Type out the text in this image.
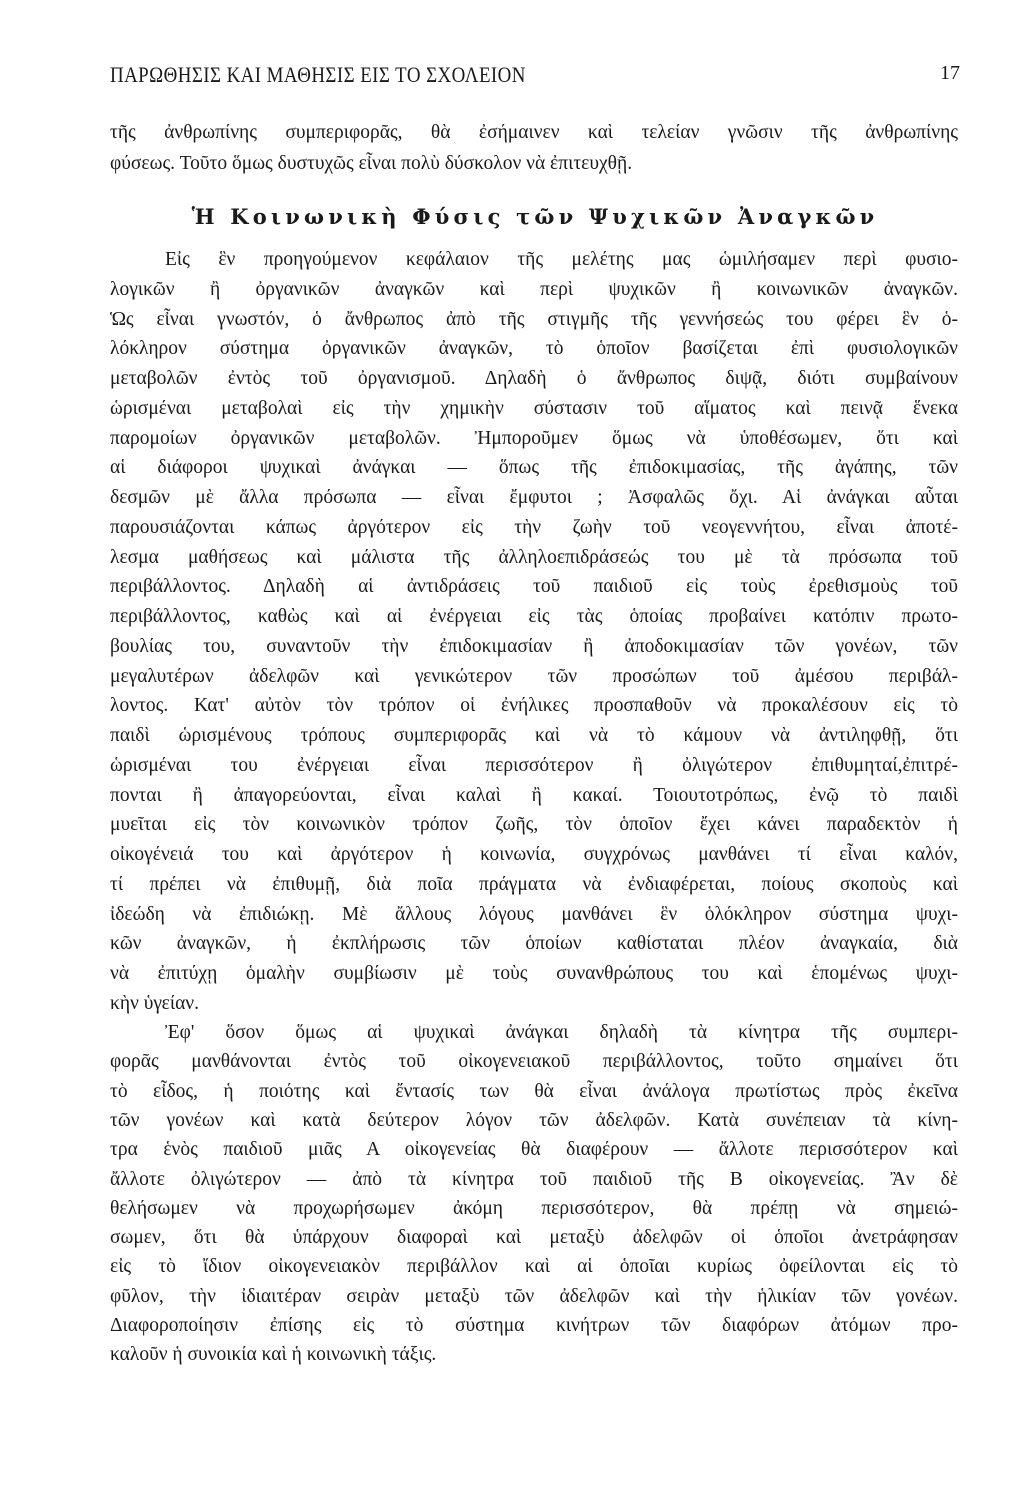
ΠΑΡΩΘΗΣΙΣ ΚΑΙ ΜΑΘΗΣΙΣ ΕΙΣ ΤΟ ΣΧΟΛΕΙΟΝ	17
τῆς ἀνθρωπίνης συμπεριφορᾶς, θὰ ἐσήμαινεν καὶ τελείαν γνῶσιν τῆς ἀνθρωπίνης
φύσεως. Τοῦτο ὅμως δυστυχῶς εἶναι πολὺ δύσκολον νὰ ἐπιτευχθῇ.
Ἡ Κοινωνικὴ Φύσις τῶν Ψυχικῶν Ἀναγκῶν
Εἰς ἓν προηγούμενον κεφάλαιον τῆς μελέτης μας ὡμιλήσαμεν περὶ φυσιο-
λογικῶν ἢ ὀργανικῶν ἀναγκῶν καὶ περὶ ψυχικῶν ἢ κοινωνικῶν ἀναγκῶν.
Ὡς εἶναι γνωστόν, ὁ ἄνθρωπος ἀπὸ τῆς στιγμῆς τῆς γεννήσεώς του φέρει ἓν ὁ-
λόκληρον σύστημα ὀργανικῶν ἀναγκῶν, τὸ ὁποῖον βασίζεται ἐπὶ φυσιολογικῶν
μεταβολῶν ἐντὸς τοῦ ὀργανισμοῦ. Δηλαδὴ ὁ ἄνθρωπος διψᾷ, διότι συμβαίνουν
ὡρισμέναι μεταβολαὶ εἰς τὴν χημικὴν σύστασιν τοῦ αἵματος καὶ πεινᾷ ἕνεκα
παρομοίων ὀργανικῶν μεταβολῶν. Ἠμποροῦμεν ὅμως νὰ ὑποθέσωμεν, ὅτι καὶ
αἱ διάφοροι ψυχικαὶ ἀνάγκαι — ὅπως τῆς ἐπιδοκιμασίας, τῆς ἀγάπης, τῶν
δεσμῶν μὲ ἄλλα πρόσωπα — εἶναι ἔμφυτοι ; Ἀσφαλῶς ὄχι. Αἱ ἀνάγκαι αὗται
παρουσιάζονται κάπως ἀργότερον εἰς τὴν ζωὴν τοῦ νεογεννήτου, εἶναι ἀποτέ-
λεσμα μαθήσεως καὶ μάλιστα τῆς ἀλληλοεπιδράσεώς του μὲ τὰ πρόσωπα τοῦ
περιβάλλοντος. Δηλαδὴ αἱ ἀντιδράσεις τοῦ παιδιοῦ εἰς τοὺς ἐρεθισμοὺς τοῦ
περιβάλλοντος, καθὼς καὶ αἱ ἐνέργειαι εἰς τὰς ὁποίας προβαίνει κατόπιν πρωτο-
βουλίας του, συναντοῦν τὴν ἐπιδοκιμασίαν ἢ ἀποδοκιμασίαν τῶν γονέων, τῶν
μεγαλυτέρων ἀδελφῶν καὶ γενικώτερον τῶν προσώπων τοῦ ἀμέσου περιβάλ-
λοντος. Κατ' αὐτὸν τὸν τρόπον οἱ ἐνήλικες προσπαθοῦν νὰ προκαλέσουν εἰς τὸ
παιδὶ ὡρισμένους τρόπους συμπεριφορᾶς καὶ νὰ τὸ κάμουν νὰ ἀντιληφθῇ, ὅτι
ὡρισμέναι του ἐνέργειαι εἶναι περισσότερον ἢ ὀλιγώτερον ἐπιθυμηταί,ἐπιτρέ-
πονται ἢ ἀπαγορεύονται, εἶναι καλαὶ ἢ κακαί. Τοιουτοτρόπως, ἐνῷ τὸ παιδὶ
μυεῖται εἰς τὸν κοινωνικὸν τρόπον ζωῆς, τὸν ὁποῖον ἔχει κάνει παραδεκτὸν ἡ
οἰκογένειά του καὶ ἀργότερον ἡ κοινωνία, συγχρόνως μανθάνει τί εἶναι καλόν,
τί πρέπει νὰ ἐπιθυμῇ, διὰ ποῖα πράγματα νὰ ἐνδιαφέρεται, ποίους σκοποὺς καὶ
ἰδεώδη νὰ ἐπιδιώκῃ. Μὲ ἄλλους λόγους μανθάνει ἓν ὁλόκληρον σύστημα ψυχι-
κῶν ἀναγκῶν, ἡ ἐκπλήρωσις τῶν ὁποίων καθίσταται πλέον ἀναγκαία, διὰ
νὰ ἐπιτύχῃ ὁμαλὴν συμβίωσιν μὲ τοὺς συνανθρώπους του καὶ ἑπομένως ψυχι-
κὴν ὑγείαν.
Ἐφ' ὅσον ὅμως αἱ ψυχικαὶ ἀνάγκαι δηλαδὴ τὰ κίνητρα τῆς συμπερι-
φορᾶς μανθάνονται ἐντὸς τοῦ οἰκογενειακοῦ περιβάλλοντος, τοῦτο σημαίνει ὅτι
τὸ εἶδος, ἡ ποιότης καὶ ἔντασίς των θὰ εἶναι ἀνάλογα πρωτίστως πρὸς ἐκεῖνα
τῶν γονέων καὶ κατὰ δεύτερον λόγον τῶν ἀδελφῶν. Κατὰ συνέπειαν τὰ κίνη-
τρα ἑνὸς παιδιοῦ μιᾶς Α οἰκογενείας θὰ διαφέρουν — ἄλλοτε περισσότερον καὶ
ἄλλοτε ὀλιγώτερον — ἀπὸ τὰ κίνητρα τοῦ παιδιοῦ τῆς Β οἰκογενείας. Ἂν δὲ
θελήσωμεν νὰ προχωρήσωμεν ἀκόμη περισσότερον, θὰ πρέπῃ νὰ σημειώ-
σωμεν, ὅτι θὰ ὑπάρχουν διαφοραὶ καὶ μεταξὺ ἀδελφῶν οἱ ὁποῖοι ἀνετράφησαν
εἰς τὸ ἴδιον οἰκογενειακὸν περιβάλλον καὶ αἱ ὁποῖαι κυρίως ὀφείλονται εἰς τὸ
φῦλον, τὴν ἰδιαιτέραν σειρὰν μεταξὺ τῶν ἀδελφῶν καὶ τὴν ἡλικίαν τῶν γονέων.
Διαφοροποίησιν ἐπίσης εἰς τὸ σύστημα κινήτρων τῶν διαφόρων ἀτόμων προ-
καλοῦν ἡ συνοικία καὶ ἡ κοινωνικὴ τάξις.
